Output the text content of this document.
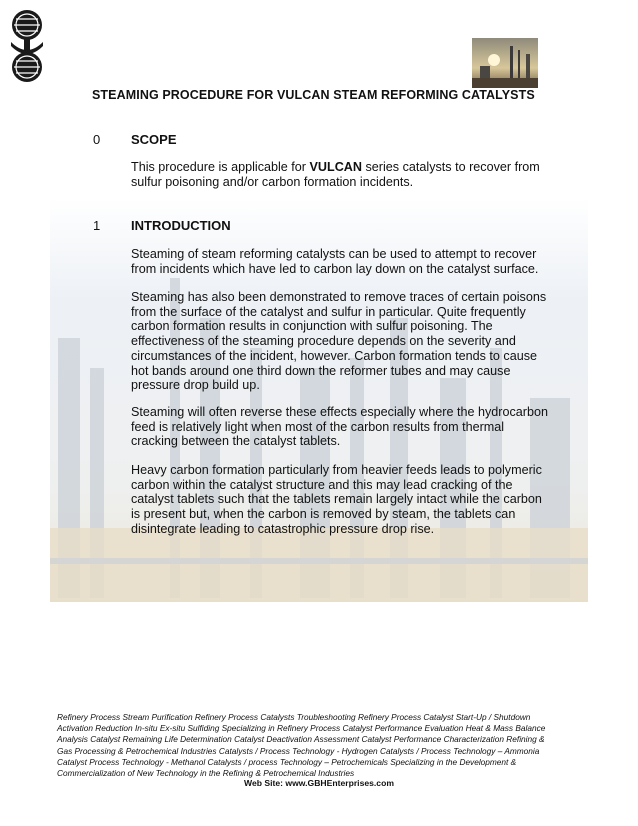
STEAMING PROCEDURE FOR VULCAN STEAM REFORMING CATALYSTS
0 SCOPE
This procedure is applicable for VULCAN series catalysts to recover from sulfur poisoning and/or carbon formation incidents.
1 INTRODUCTION
Steaming of steam reforming catalysts can be used to attempt to recover from incidents which have led to carbon lay down on the catalyst surface.
Steaming has also been demonstrated to remove traces of certain poisons from the surface of the catalyst and sulfur in particular. Quite frequently carbon formation results in conjunction with sulfur poisoning. The effectiveness of the steaming procedure depends on the severity and circumstances of the incident, however. Carbon formation tends to cause hot bands around one third down the reformer tubes and may cause pressure drop build up.
Steaming will often reverse these effects especially where the hydrocarbon feed is relatively light when most of the carbon results from thermal cracking between the catalyst tablets.
Heavy carbon formation particularly from heavier feeds leads to polymeric carbon within the catalyst structure and this may lead cracking of the catalyst tablets such that the tablets remain largely intact while the carbon is present but, when the carbon is removed by steam, the tablets can disintegrate leading to catastrophic pressure drop rise.
Refinery Process Stream Purification Refinery Process Catalysts Troubleshooting Refinery Process Catalyst Start-Up / Shutdown Activation Reduction In-situ Ex-situ Sulfiding Specializing in Refinery Process Catalyst Performance Evaluation Heat & Mass Balance Analysis Catalyst Remaining Life Determination Catalyst Deactivation Assessment Catalyst Performance Characterization Refining & Gas Processing & Petrochemical Industries Catalysts / Process Technology - Hydrogen Catalysts / Process Technology – Ammonia Catalyst Process Technology - Methanol Catalysts / process Technology – Petrochemicals Specializing in the Development & Commercialization of New Technology in the Refining & Petrochemical Industries
Web Site: www.GBHEnterprises.com
